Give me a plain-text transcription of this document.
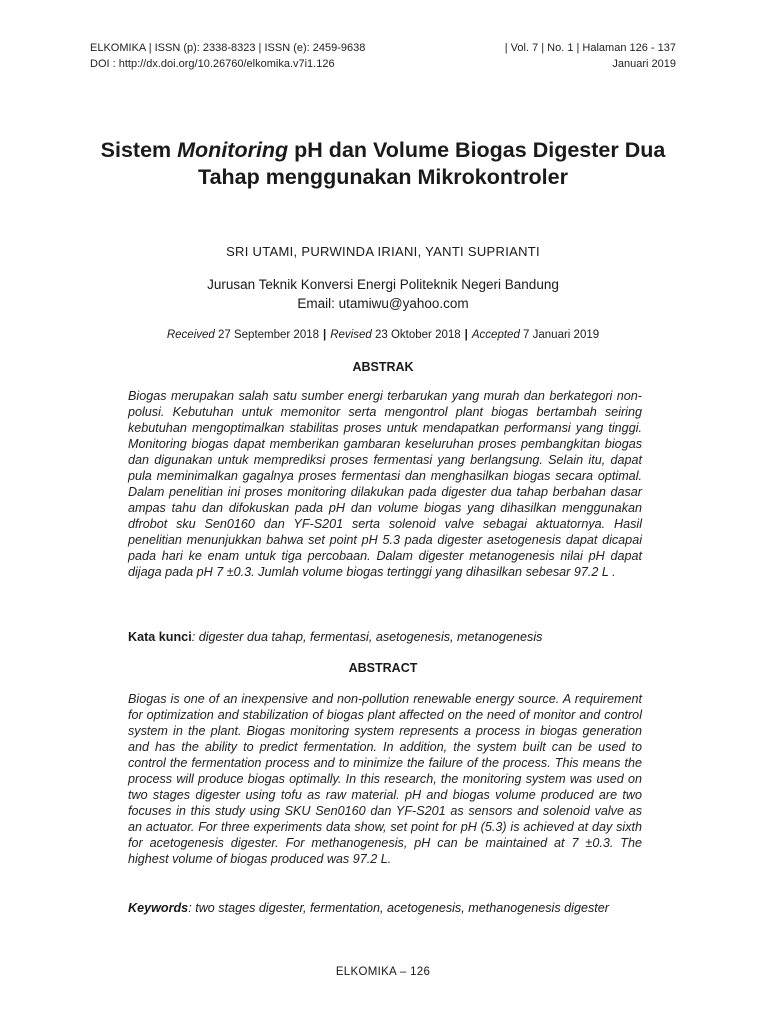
ELKOMIKA | ISSN (p): 2338-8323 | ISSN (e): 2459-9638
DOI : http://dx.doi.org/10.26760/elkomika.v7i1.126
| Vol. 7 | No. 1 | Halaman 126 - 137
Januari 2019
Sistem Monitoring pH dan Volume Biogas Digester Dua Tahap menggunakan Mikrokontroler
SRI UTAMI, PURWINDA IRIANI, YANTI SUPRIANTI
Jurusan Teknik Konversi Energi Politeknik Negeri Bandung
Email: utamiwu@yahoo.com
Received 27 September 2018 | Revised 23 Oktober 2018 | Accepted 7 Januari 2019
ABSTRAK
Biogas merupakan salah satu sumber energi terbarukan yang murah dan berkategori non-polusi. Kebutuhan untuk memonitor serta mengontrol plant biogas bertambah seiring kebutuhan mengoptimalkan stabilitas proses untuk mendapatkan performansi yang tinggi. Monitoring biogas dapat memberikan gambaran keseluruhan proses pembangkitan biogas dan digunakan untuk memprediksi proses fermentasi yang berlangsung. Selain itu, dapat pula meminimalkan gagalnya proses fermentasi dan menghasilkan biogas secara optimal. Dalam penelitian ini proses monitoring dilakukan pada digester dua tahap berbahan dasar ampas tahu dan difokuskan pada pH dan volume biogas yang dihasilkan menggunakan dfrobot sku Sen0160 dan YF-S201 serta solenoid valve sebagai aktuatornya. Hasil penelitian menunjukkan bahwa set point pH 5.3 pada digester asetogenesis dapat dicapai pada hari ke enam untuk tiga percobaan. Dalam digester metanogenesis nilai pH dapat dijaga pada pH 7 ±0.3. Jumlah volume biogas tertinggi yang dihasilkan sebesar 97.2 L .
Kata kunci: digester dua tahap, fermentasi, asetogenesis, metanogenesis
ABSTRACT
Biogas is one of an inexpensive and non-pollution renewable energy source. A requirement for optimization and stabilization of biogas plant affected on the need of monitor and control system in the plant. Biogas monitoring system represents a process in biogas generation and has the ability to predict fermentation. In addition, the system built can be used to control the fermentation process and to minimize the failure of the process. This means the process will produce biogas optimally. In this research, the monitoring system was used on two stages digester using tofu as raw material. pH and biogas volume produced are two focuses in this study using SKU Sen0160 dan YF-S201 as sensors and solenoid valve as an actuator. For three experiments data show, set point for pH (5.3) is achieved at day sixth for acetogenesis digester. For methanogenesis, pH can be maintained at 7 ±0.3. The highest volume of biogas produced was 97.2 L.
Keywords: two stages digester, fermentation, acetogenesis, methanogenesis digester
ELKOMIKA – 126
